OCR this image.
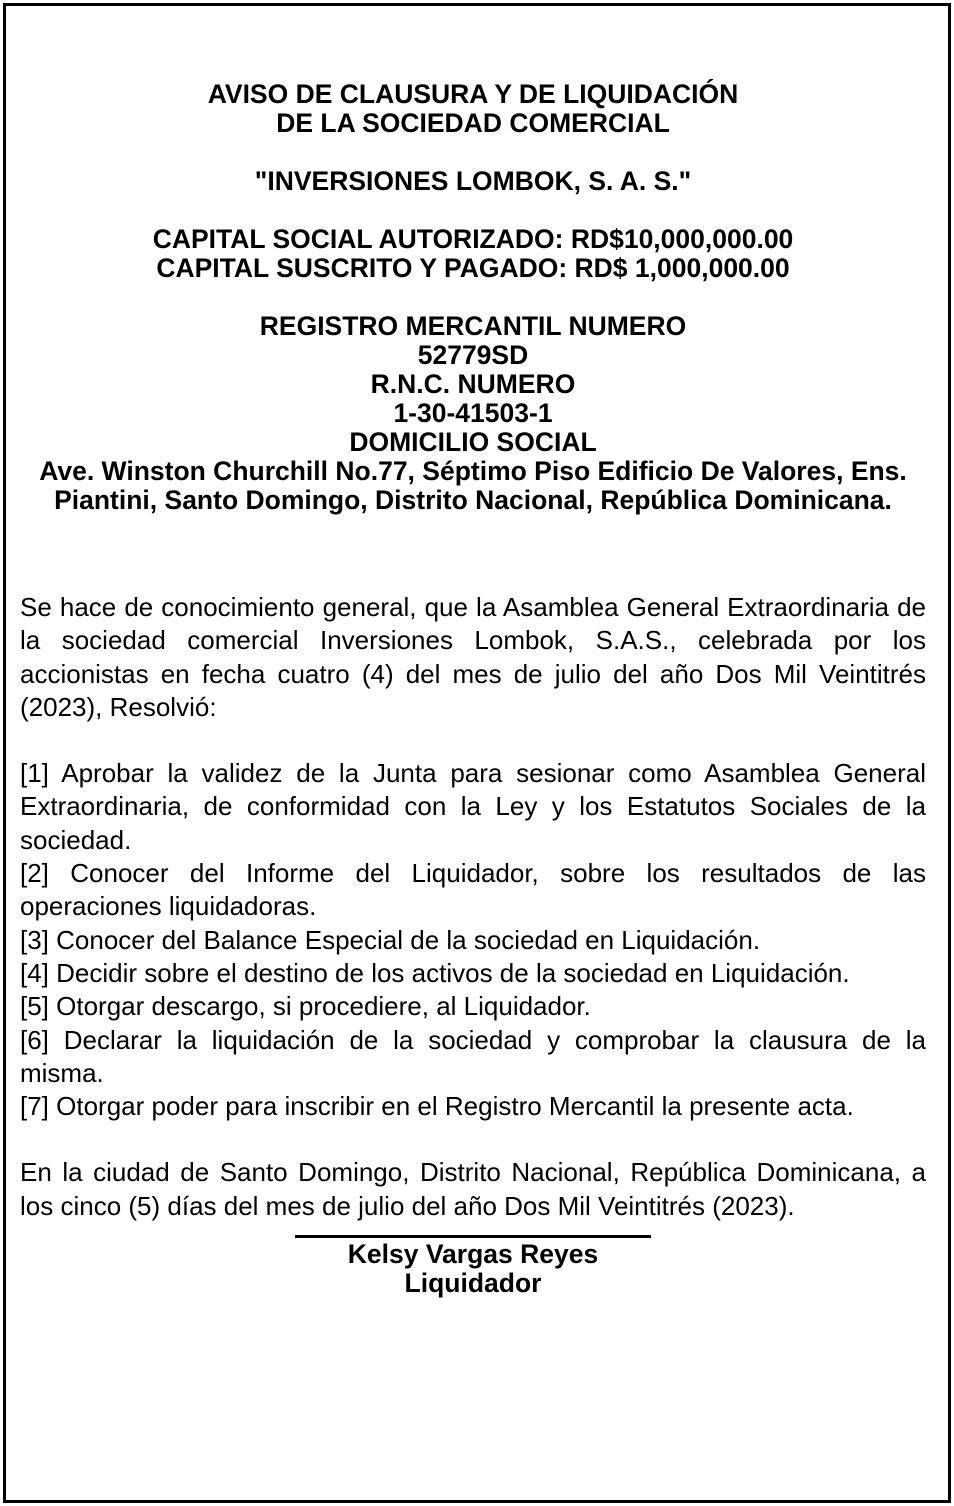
AVISO DE CLAUSURA Y DE LIQUIDACIÓN

DE LA SOCIEDAD COMERCIAL

"INVERSIONES LOMBOK, S. A. S."

CAPITAL SOCIAL AUTORIZADO: RD$10,000,000.00

CAPITAL SUSCRITO Y PAGADO: RD$ 1,000,000.00

REGISTRO MERCANTIL NUMERO

52779SD

R.N.C. NUMERO

1-30-41503-1

DOMICILIO SOCIAL

Ave. Winston Churchill No.77, Séptimo Piso Edificio De Valores, Ens. Piantini, Santo Domingo, Distrito Nacional, República Dominicana.

Se hace de conocimiento general, que la Asamblea General Extraordinaria de la sociedad comercial Inversiones Lombok, S.A.S., celebrada por los accionistas en fecha cuatro (4) del mes de julio del año Dos Mil Veintitrés (2023), Resolvió:

[1] Aprobar la validez de la Junta para sesionar como Asamblea General Extraordinaria, de conformidad con la Ley y los Estatutos Sociales de la sociedad.

[2] Conocer del Informe del Liquidador, sobre los resultados de las operaciones liquidadoras.

[3] Conocer del Balance Especial de la sociedad en Liquidación.

[4] Decidir sobre el destino de los activos de la sociedad en Liquidación.

[5] Otorgar descargo, si procediere, al Liquidador.

[6] Declarar la liquidación de la sociedad y comprobar la clausura de la misma.

[7] Otorgar poder para inscribir en el Registro Mercantil la presente acta.

En la ciudad de Santo Domingo, Distrito Nacional, República Dominicana, a los cinco (5) días del mes de julio del año Dos Mil Veintitrés (2023).

Kelsy Vargas Reyes

Liquidador
